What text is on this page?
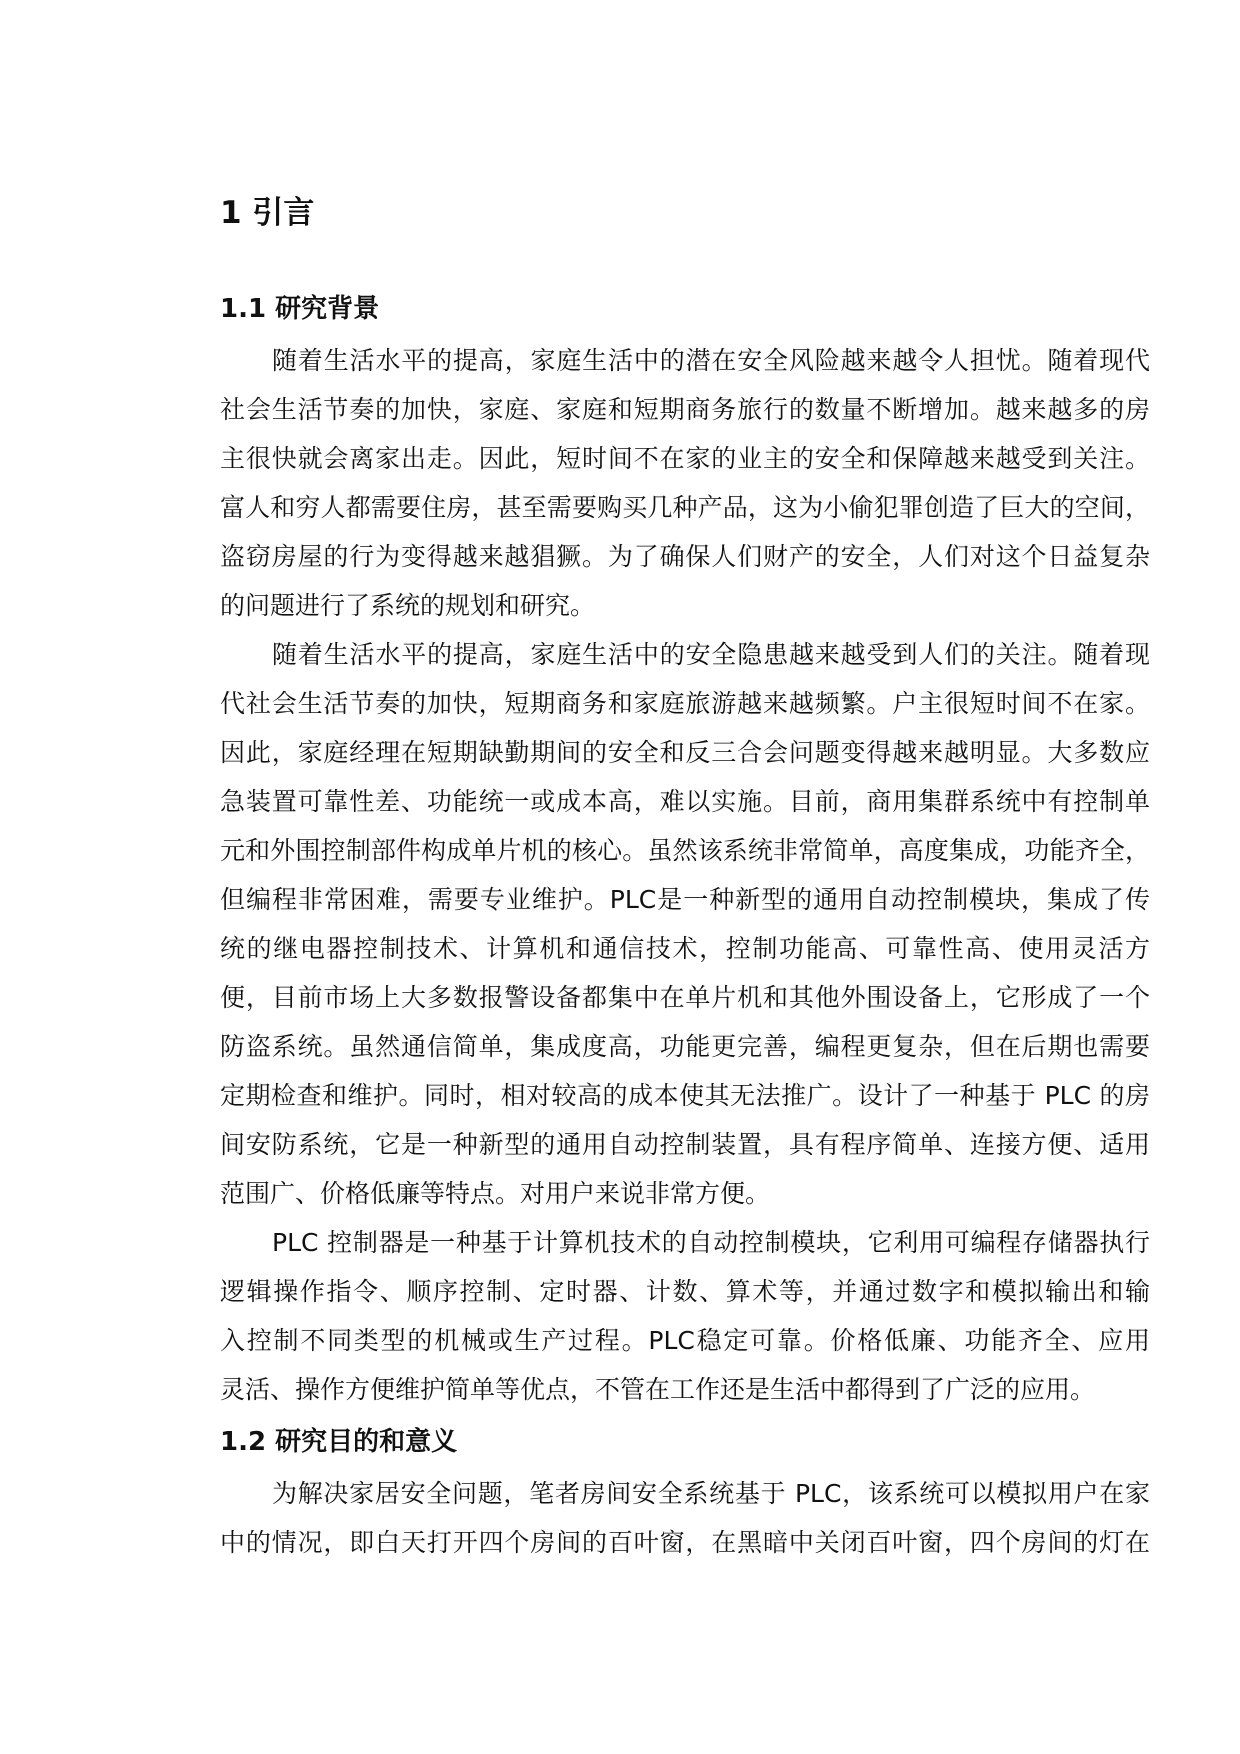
1 引言
1.1 研究背景
随着生活水平的提高，家庭生活中的潜在安全风险越来越令人担忧。随着现代
社会生活节奏的加快，家庭、家庭和短期商务旅行的数量不断增加。越来越多的房
主很快就会离家出走。因此，短时间不在家的业主的安全和保障越来越受到关注。
富人和穷人都需要住房，甚至需要购买几种产品，这为小偷犯罪创造了巨大的空间，
盗窃房屋的行为变得越来越猖獗。为了确保人们财产的安全，人们对这个日益复杂
的问题进行了系统的规划和研究。
随着生活水平的提高，家庭生活中的安全隐患越来越受到人们的关注。随着现
代社会生活节奏的加快，短期商务和家庭旅游越来越频繁。户主很短时间不在家。
因此，家庭经理在短期缺勤期间的安全和反三合会问题变得越来越明显。大多数应
急装置可靠性差、功能统一或成本高，难以实施。目前，商用集群系统中有控制单
元和外围控制部件构成单片机的核心。虽然该系统非常简单，高度集成，功能齐全，
但编程非常困难，需要专业维护。PLC是一种新型的通用自动控制模块，集成了传
统的继电器控制技术、计算机和通信技术，控制功能高、可靠性高、使用灵活方
便，目前市场上大多数报警设备都集中在单片机和其他外围设备上，它形成了一个
防盗系统。虽然通信简单，集成度高，功能更完善，编程更复杂，但在后期也需要
定期检查和维护。同时，相对较高的成本使其无法推广。设计了一种基于 PLC 的房
间安防系统，它是一种新型的通用自动控制装置，具有程序简单、连接方便、适用
范围广、价格低廉等特点。对用户来说非常方便。
PLC 控制器是一种基于计算机技术的自动控制模块，它利用可编程存储器执行
逻辑操作指令、顺序控制、定时器、计数、算术等，并通过数字和模拟输出和输
入控制不同类型的机械或生产过程。PLC稳定可靠。价格低廉、功能齐全、应用
灵活、操作方便维护简单等优点，不管在工作还是生活中都得到了广泛的应用。
1.2 研究目的和意义
为解决家居安全问题，笔者房间安全系统基于 PLC，该系统可以模拟用户在家
中的情况，即白天打开四个房间的百叶窗，在黑暗中关闭百叶窗，四个房间的灯在
